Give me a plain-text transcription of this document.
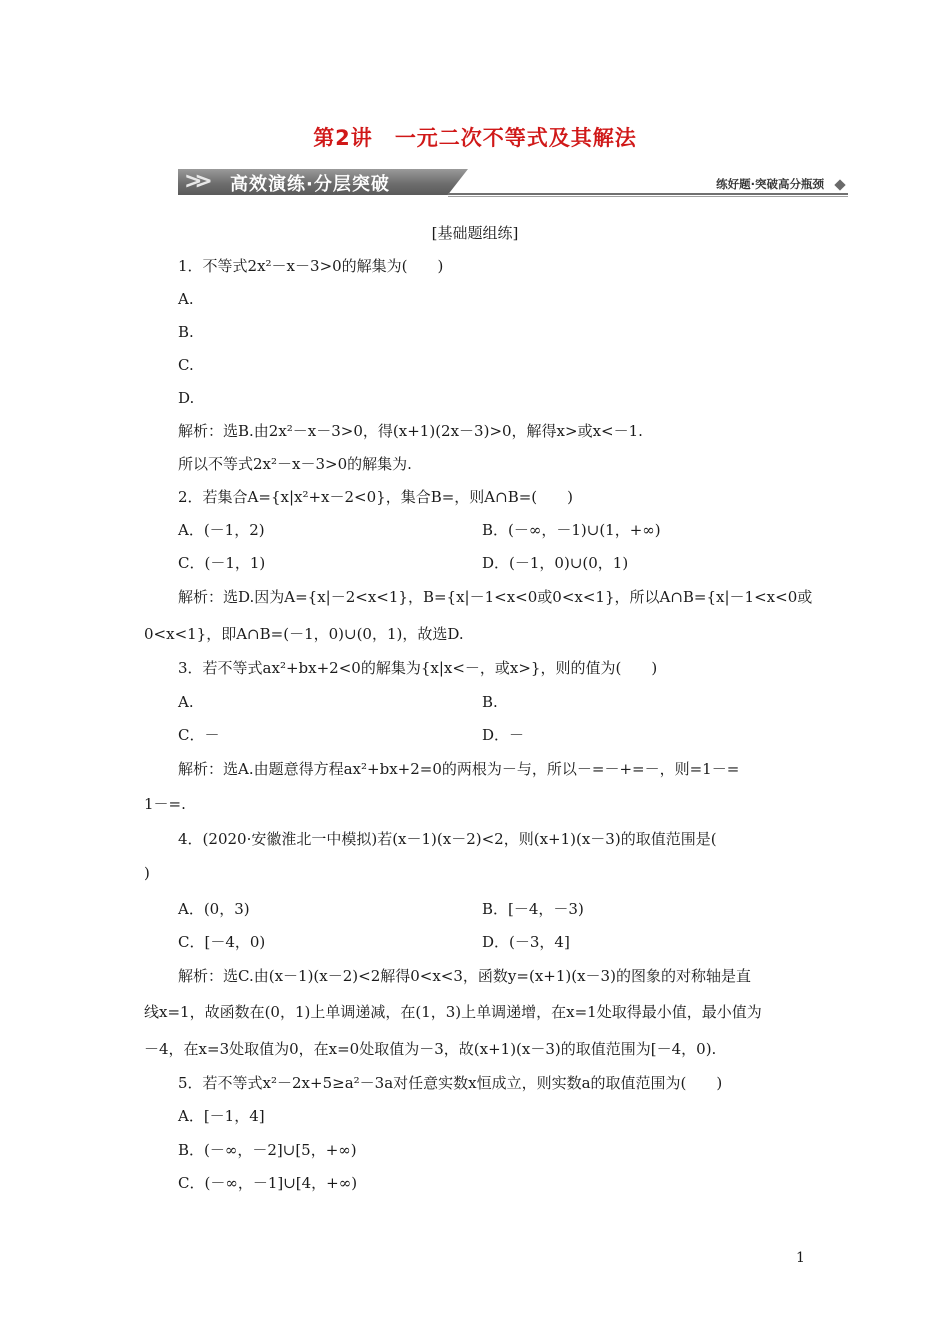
第2讲 一元二次不等式及其解法
>> 高效演练·分层突破	练好题·突破高分瓶颈
[基础题组练]
1．不等式2x²－x－3>0的解集为(　　)
A.
B.
C.
D.
解析：选B.由2x²－x－3>0，得(x+1)(2x－3)>0，解得x>或x<－1.
所以不等式2x²－x－3>0的解集为.
2．若集合A={x|x²+x－2<0}，集合B=，则A∩B=(　　)
A．(－1，2)	B．(－∞，－1)∪(1，+∞)
C．(－1，1)	D．(－1，0)∪(0，1)
解析：选D.因为A={x|－2<x<1}，B={x|－1<x<0或0<x<1}，所以A∩B={x|－1<x<0或
0<x<1}，即A∩B=(－1，0)∪(0，1)，故选D.
3．若不等式ax²+bx+2<0的解集为{x|x<－，或x>}，则的值为(　　)
A.	B.
C．－	D．－
解析：选A.由题意得方程ax²+bx+2=0的两根为－与，所以－=－+=－，则=1－=
1－=.
4．(2020·安徽淮北一中模拟)若(x－1)(x－2)<2，则(x+1)(x－3)的取值范围是(
)
A．(0，3)	B．[－4，－3)
C．[－4，0)	D．(－3，4]
解析：选C.由(x－1)(x－2)<2解得0<x<3，函数y=(x+1)(x－3)的图象的对称轴是直
线x=1，故函数在(0，1)上单调递减，在(1，3)上单调递增，在x=1处取得最小值，最小值为
－4，在x=3处取值为0，在x=0处取值为－3，故(x+1)(x－3)的取值范围为[－4，0).
5．若不等式x²－2x+5≥a²－3a对任意实数x恒成立，则实数a的取值范围为(　　)
A．[－1，4]
B．(－∞，－2]∪[5，+∞)
C．(－∞，－1]∪[4，+∞)
1
